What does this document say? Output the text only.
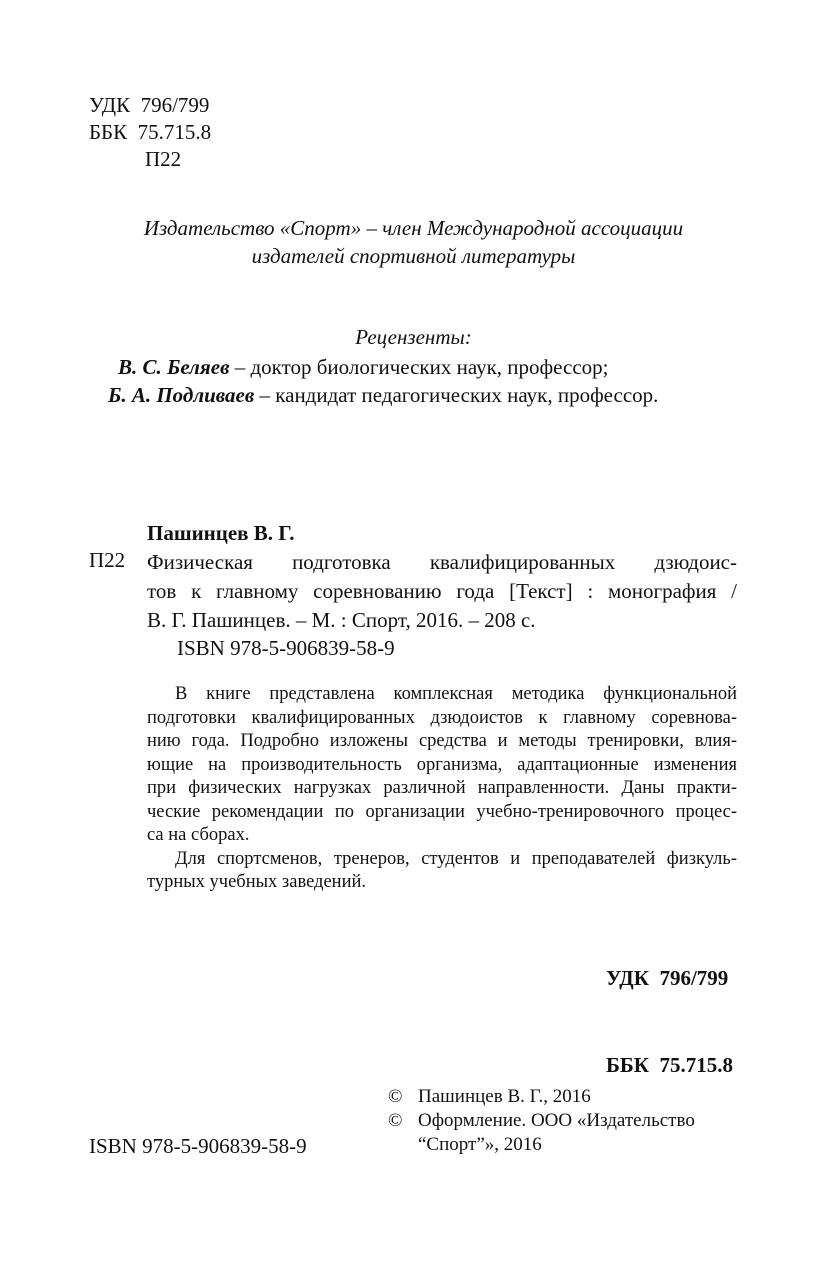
УДК  796/799
ББК  75.715.8
П22
Издательство «Спорт» – член Международной ассоциации
издателей спортивной литературы
Рецензенты:
В. С. Беляев – доктор биологических наук, профессор;
Б. А. Подливаев – кандидат педагогических наук, профессор.
Пашинцев В. Г.
П22 Физическая подготовка квалифицированных дзюдоис-
тов к главному соревнованию года [Текст] : монография /
В. Г. Пашинцев. – М. : Спорт, 2016. – 208 с.
ISBN 978-5-906839-58-9
В книге представлена комплексная методика функциональной
подготовки квалифицированных дзюдоистов к главному соревнова-
нию года. Подробно изложены средства и методы тренировки, влия-
ющие на производительность организма, адаптационные изменения
при физических нагрузках различной направленности. Даны практи-
ческие рекомендации по организации учебно-тренировочного процес-
са на сборах.
Для спортсменов, тренеров, студентов и преподавателей физкуль-
турных учебных заведений.

УДК  796/799

ББК  75.715.8

© Пашинцев В. Г., 2016
© Оформление. ООО «Издательство
“Спорт”», 2016
ISBN 978-5-906839-58-9
